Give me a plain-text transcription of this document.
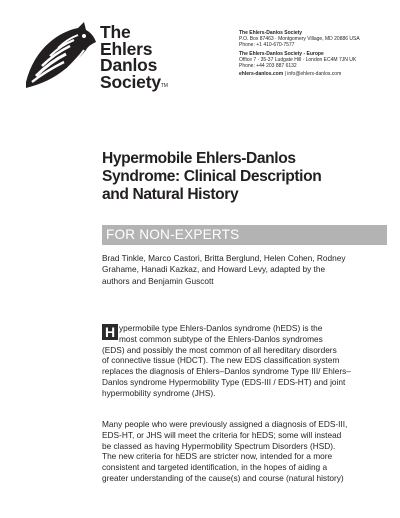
The
Ehlers
Danlos
SocietyTM
The Ehlers-Danlos Society
P.O. Box 87463 · Montgomery Village, MD 20886 USA
Phone: +1 410-670-7577
The Ehlers-Danlos Society - Europe
Office 7 · 35-37 Ludgate Hill · London EC4M 7JN UK
Phone: +44 203 887 6132
ehlers-danlos.com | info@ehlers-danlos.com
Hypermobile Ehlers-Danlos
Syndrome: Clinical Description
and Natural History
FOR NON-EXPERTS
Brad Tinkle, Marco Castori, Britta Berglund, Helen Cohen, Rodney
Grahame, Hanadi Kazkaz, and Howard Levy, adapted by the
authors and Benjamin Guscott
H ypermobile type Ehlers-Danlos syndrome (hEDS) is the
most common subtype of the Ehlers-Danlos syndromes
(EDS) and possibly the most common of all hereditary disorders
of connective tissue (HDCT). The new EDS classification system
replaces the diagnosis of Ehlers–Danlos syndrome Type III/ Ehlers–
Danlos syndrome Hypermobility Type (EDS-III / EDS-HT) and joint
hypermobility syndrome (JHS).
Many people who were previously assigned a diagnosis of EDS-III,
EDS-HT, or JHS will meet the criteria for hEDS; some will instead
be classed as having Hypermobility Spectrum Disorders (HSD).
The new criteria for hEDS are stricter now, intended for a more
consistent and targeted identification, in the hopes of aiding a
greater understanding of the cause(s) and course (natural history)
